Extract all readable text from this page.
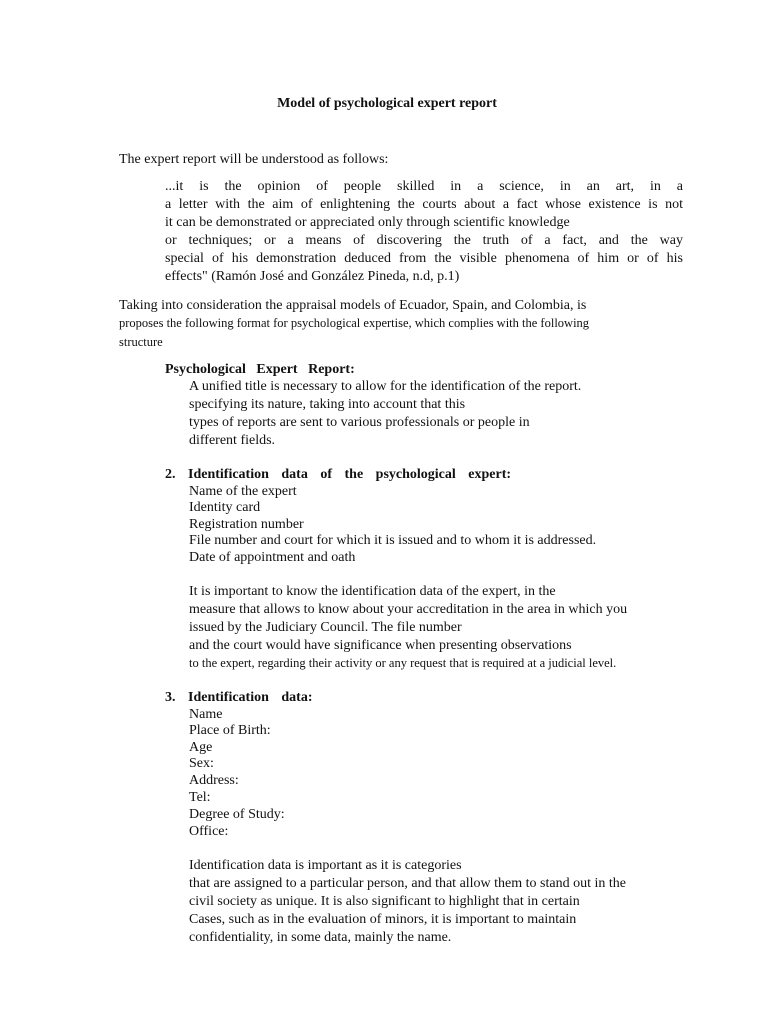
Model of psychological expert report
The expert report will be understood as follows:
...it is the opinion of people skilled in a science, in an art, in a
a letter with the aim of enlightening the courts about a fact whose existence is not
it can be demonstrated or appreciated only through scientific knowledge
or techniques; or a means of discovering the truth of a fact, and the way
special of his demonstration deduced from the visible phenomena of him or of his
effects" (Ramón José and González Pineda, n.d, p.1)
Taking into consideration the appraisal models of Ecuador, Spain, and Colombia, is
proposes the following format for psychological expertise, which complies with the following
structure
Psychological Expert Report:
A unified title is necessary to allow for the identification of the report.
specifying its nature, taking into account that this
types of reports are sent to various professionals or people in
different fields.
2. Identification data of the psychological expert:
Name of the expert
Identity card
Registration number
File number and court for which it is issued and to whom it is addressed.
Date of appointment and oath
It is important to know the identification data of the expert, in the
measure that allows to know about your accreditation in the area in which you
issued by the Judiciary Council. The file number
and the court would have significance when presenting observations
to the expert, regarding their activity or any request that is required at a judicial level.
3. Identification data:
Name
Place of Birth:
Age
Sex:
Address:
Tel:
Degree of Study:
Office:
Identification data is important as it is categories
that are assigned to a particular person, and that allow them to stand out in the
civil society as unique. It is also significant to highlight that in certain
Cases, such as in the evaluation of minors, it is important to maintain
confidentiality, in some data, mainly the name.
